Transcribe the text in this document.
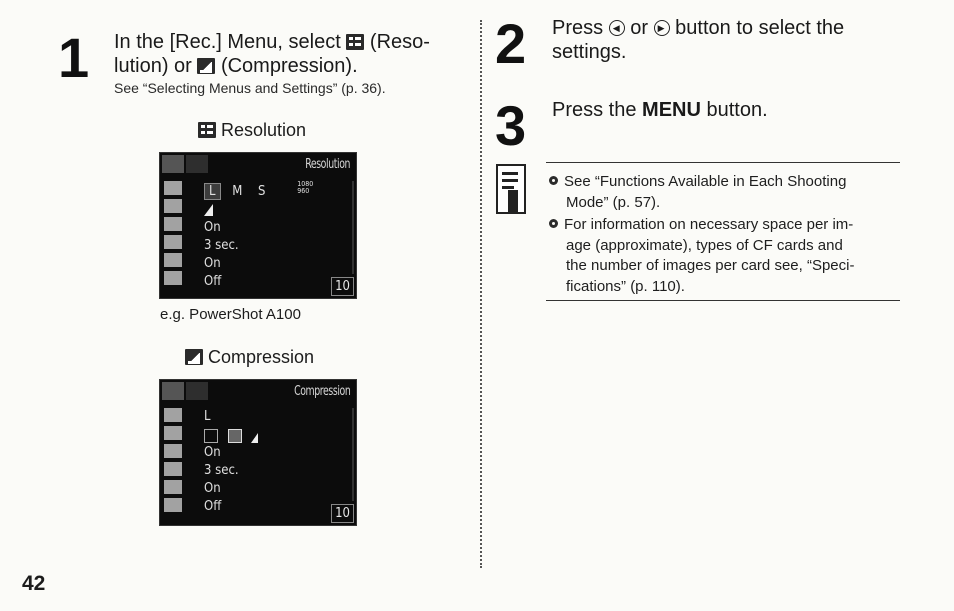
1 In the [Rec.] Menu, select (Reso-
lution) or (Compression).
See “Selecting Menus and Settings” (p. 36).
Resolution
Resolution
L M S	1080
960
On
3 sec.
On
Off	10
e.g. PowerShot A100
Compression
Compression
L

On
3 sec.
On
Off	10
2 Press ◀ or ▶ button to select the
settings.
3 Press the MENU button.
See “Functions Available in Each Shooting
Mode” (p. 57).
For information on necessary space per im-
age (approximate), types of CF cards and
the number of images per card see, “Speci-
fications” (p. 110).
42
